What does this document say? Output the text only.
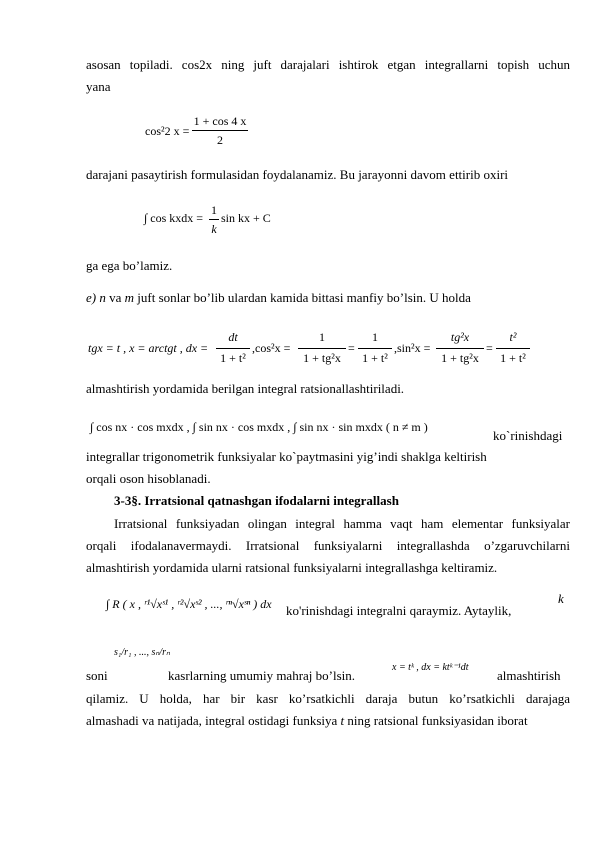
asosan topiladi. cos2x ning juft darajalari ishtirok etgan integrallarni topish uchun
yana
cos²2 x =
1 + cos 4 x
2
darajani pasaytirish formulasidan foydalanamiz. Bu jarayonni davom ettirib oxiri
∫ cos kxdx =
1
k
sin kx + C
ga ega bo’lamiz.
e) n va m juft sonlar bo’lib ulardan kamida bittasi manfiy bo’lsin. U holda
tgx = t , x = arctgt , dx =
dt
1 + t²
,cos²x =
1
1 + tg²x
=
1
1 + t²
,sin²x =
tg²x
1 + tg²x
=
t²
1 + t²
almashtirish yordamida berilgan integral ratsionallashtiriladi.
∫ cos nx · cos mxdx , ∫ sin nx · cos mxdx , ∫ sin nx · sin mxdx ( n ≠ m )
ko`rinishdagi
integrallar trigonometrik funksiyalar ko`paytmasini yig’indi shaklga keltirish
orqali oson hisoblanadi.
3-3§. Irratsional qatnashgan ifodalarni integrallash
Irratsional funksiyadan olingan integral hamma vaqt ham elementar funksiyalar
orqali ifodalanavermaydi. Irratsional funksiyalarni integrallashda o’zgaruvchilarni
almashtirish yordamida ularni ratsional funksiyalarni integrallashga keltiramiz.
∫ R ( x , ʳ¹√xˢ¹ , ʳ²√xˢ² , ..., ʳⁿ√xˢⁿ ) dx ko'rinishdagi integralni qaraymiz. Aytaylik,
k
soni
s₁/r₁ , ..., sₙ/rₙ
kasrlarning umumiy mahraj bo’lsin.
x = tᵏ , dx = ktᵏ⁻¹dt
almashtirish
qilamiz. U holda, har bir kasr ko’rsatkichli daraja butun ko’rsatkichli darajaga
almashadi va natijada, integral ostidagi funksiya t ning ratsional funksiyasidan iborat
